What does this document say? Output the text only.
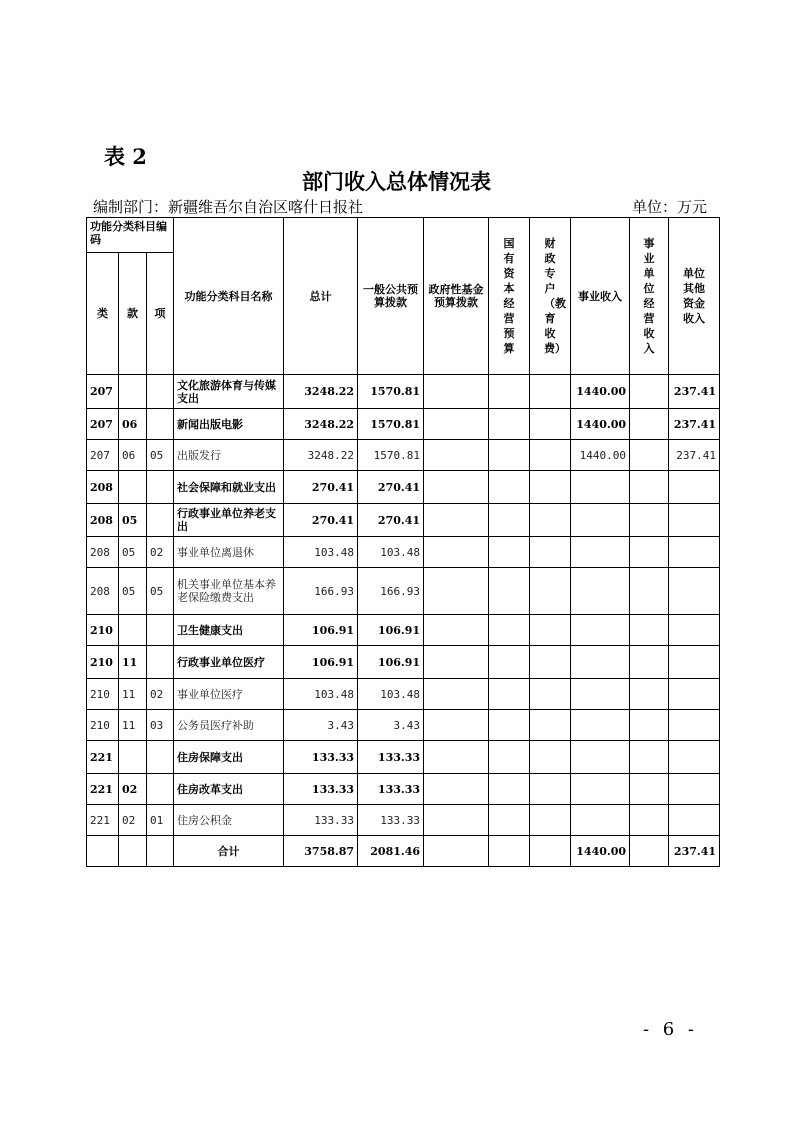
表 2
部门收入总体情况表
编制部门：新疆维吾尔自治区喀什日报社	单位：万元
功能分类科目编码			功能分类科目名称	总计	一般公共预算拨款	政府性基金预算拨款	国有资本经营预算	财政专户（教育收费）	事业收入	事业单位经营收入	单位其他资金收入
类	款	项									
207			文化旅游体育与传媒支出	3248.22	1570.81				1440.00		237.41
207	06		新闻出版电影	3248.22	1570.81				1440.00		237.41
207	06	05	出版发行	3248.22	1570.81				1440.00		237.41
208			社会保障和就业支出	270.41	270.41						
208	05		行政事业单位养老支出	270.41	270.41						
208	05	02	事业单位离退休	103.48	103.48						
208	05	05	机关事业单位基本养老保险缴费支出	166.93	166.93						
210			卫生健康支出	106.91	106.91						
210	11		行政事业单位医疗	106.91	106.91						
210	11	02	事业单位医疗	103.48	103.48						
210	11	03	公务员医疗补助	3.43	3.43						
221			住房保障支出	133.33	133.33						
221	02		住房改革支出	133.33	133.33						
221	02	01	住房公积金	133.33	133.33						
			合计	3758.87	2081.46				1440.00		237.41
- 6 -
